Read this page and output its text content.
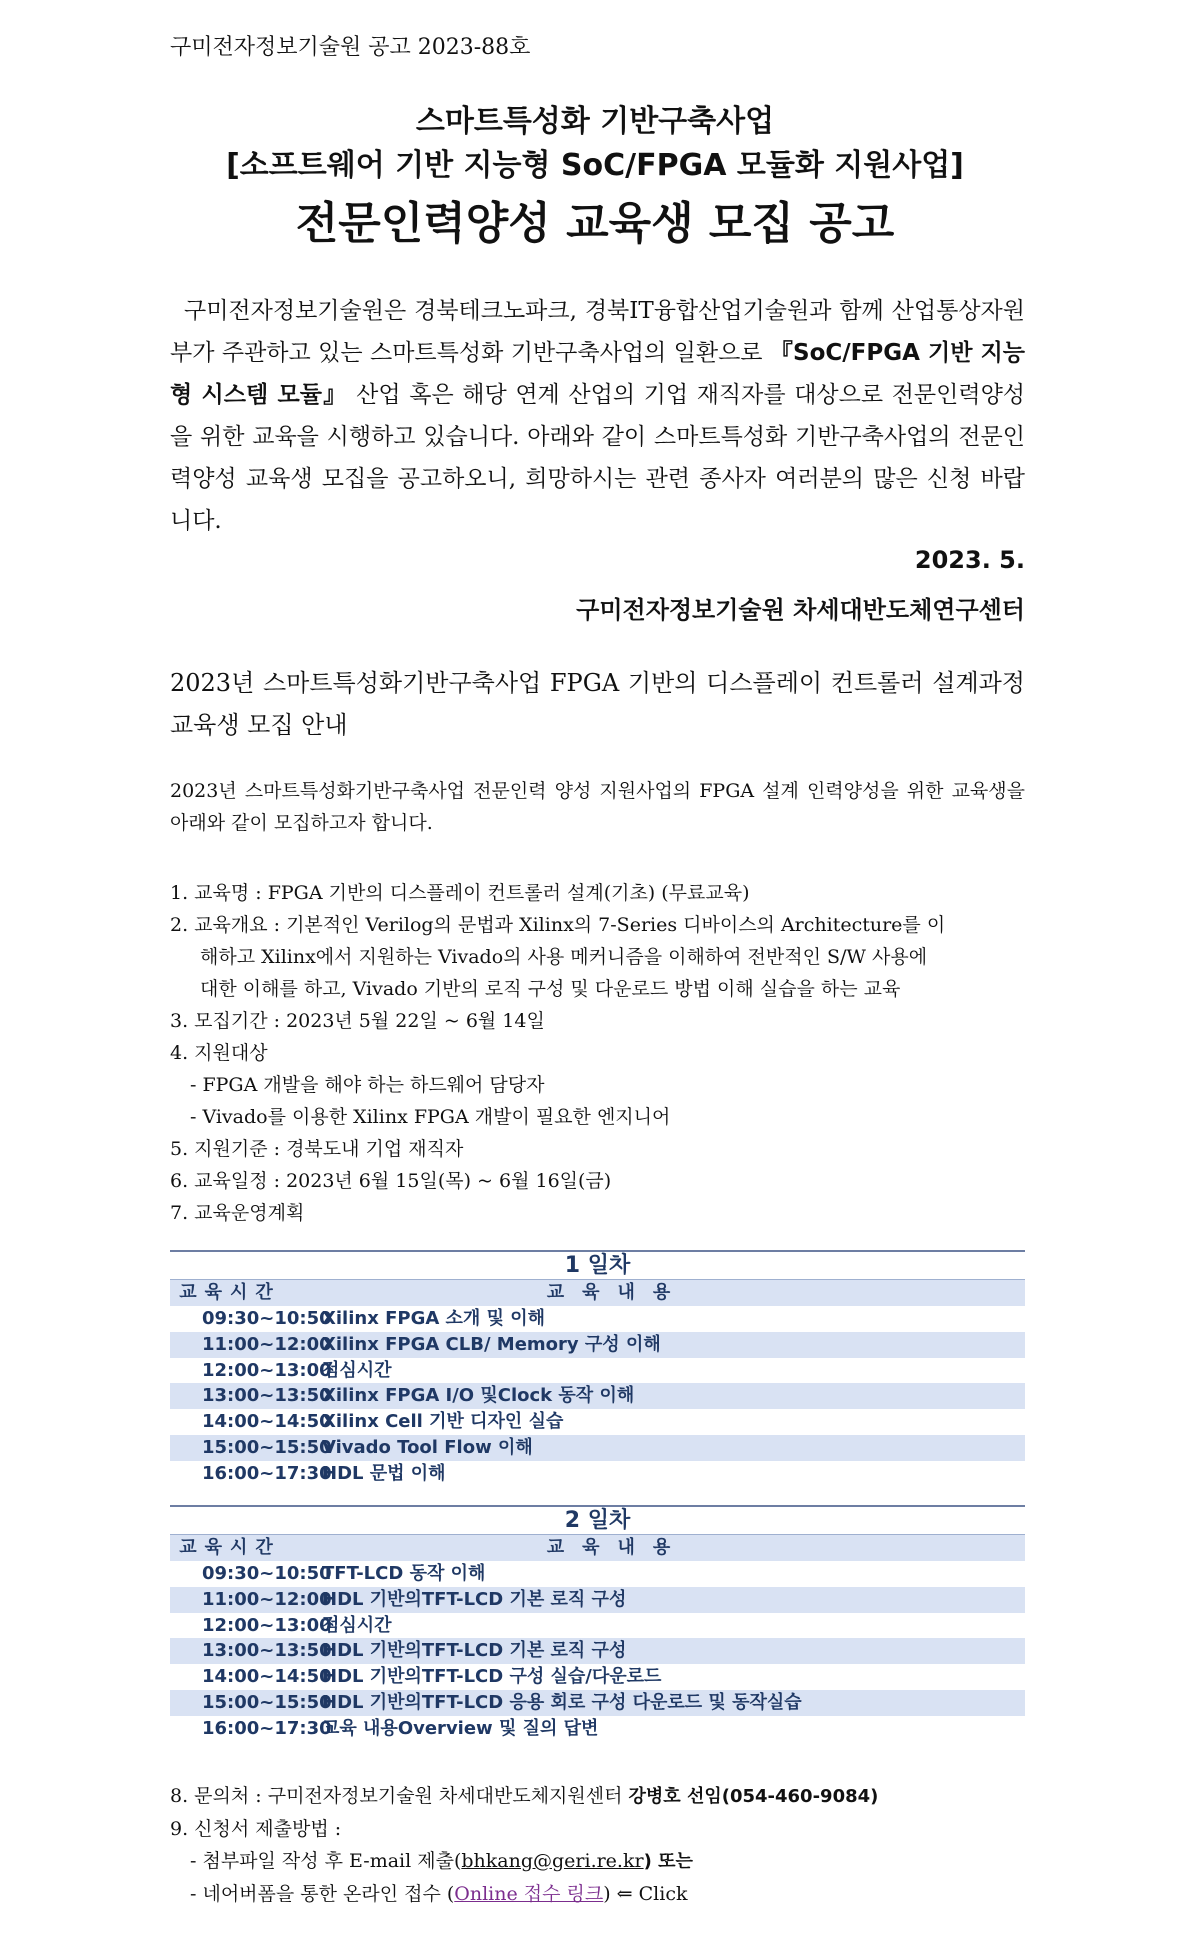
구미전자정보기술원 공고 2023-88호
스마트특성화 기반구축사업
[소프트웨어 기반 지능형 SoC/FPGA 모듈화 지원사업]
전문인력양성 교육생 모집 공고
구미전자정보기술원은 경북테크노파크, 경북IT융합산업기술원과 함께 산업통상자원부가 주관하고 있는 스마트특성화 기반구축사업의 일환으로 『SoC/FPGA 기반 지능형 시스템 모듈』 산업 혹은 해당 연계 산업의 기업 재직자를 대상으로 전문인력양성을 위한 교육을 시행하고 있습니다. 아래와 같이 스마트특성화 기반구축사업의 전문인력양성 교육생 모집을 공고하오니, 희망하시는 관련 종사자 여러분의 많은 신청 바랍니다.
2023. 5.
구미전자정보기술원 차세대반도체연구센터
2023년 스마트특성화기반구축사업 FPGA 기반의 디스플레이 컨트롤러 설계과정 교육생 모집 안내
2023년 스마트특성화기반구축사업 전문인력 양성 지원사업의 FPGA 설계 인력양성을 위한 교육생을 아래와 같이 모집하고자 합니다.
1. 교육명 : FPGA 기반의 디스플레이 컨트롤러 설계(기초) (무료교육)
2. 교육개요 : 기본적인 Verilog의 문법과 Xilinx의 7-Series 디바이스의 Architecture를 이
해하고 Xilinx에서 지원하는 Vivado의 사용 메커니즘을 이해하여 전반적인 S/W 사용에
대한 이해를 하고, Vivado 기반의 로직 구성 및 다운로드 방법 이해 실습을 하는 교육
3. 모집기간 : 2023년 5월 22일 ~ 6월 14일
4. 지원대상
- FPGA 개발을 해야 하는 하드웨어 담당자
- Vivado를 이용한 Xilinx FPGA 개발이 필요한 엔지니어
5. 지원기준 : 경북도내 기업 재직자
6. 교육일정 : 2023년 6월 15일(목) ~ 6월 16일(금)
7. 교육운영계획
1 일차
교육시간	교육내용
09:30~10:50
Xilinx FPGA 소개 및 이해
11:00~12:00
Xilinx FPGA CLB/ Memory 구성 이해
12:00~13:00
점심시간
13:00~13:50
Xilinx FPGA I/O 및Clock 동작 이해
14:00~14:50
Xilinx Cell 기반 디자인 실습
15:00~15:50
Vivado Tool Flow 이해
16:00~17:30
HDL 문법 이해
2 일차
교육시간	교육내용
09:30~10:50
TFT-LCD 동작 이해
11:00~12:00
HDL 기반의TFT-LCD 기본 로직 구성
12:00~13:00
점심시간
13:00~13:50
HDL 기반의TFT-LCD 기본 로직 구성
14:00~14:50
HDL 기반의TFT-LCD 구성 실습/다운로드
15:00~15:50
HDL 기반의TFT-LCD 응용 회로 구성 다운로드 및 동작실습
16:00~17:30
교육 내용Overview 및 질의 답변
8. 문의처 : 구미전자정보기술원 차세대반도체지원센터 강병호 선임(054-460-9084)
9. 신청서 제출방법 :
- 첨부파일 작성 후 E-mail 제출(bhkang@geri.re.kr) 또는
- 네어버폼을 통한 온라인 접수 (Online 접수 링크) ⇐ Click
